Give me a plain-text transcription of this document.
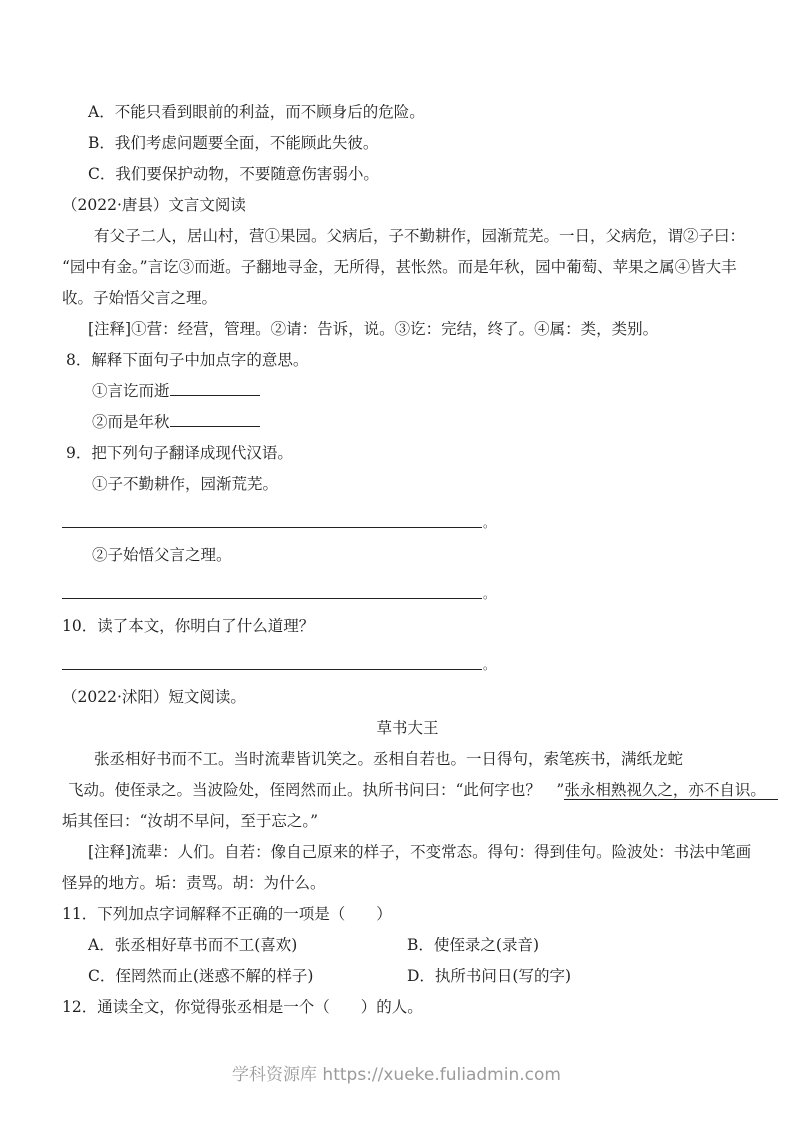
A．不能只看到眼前的利益，而不顾身后的危险。
B．我们考虑问题要全面，不能顾此失彼。
C．我们要保护动物，不要随意伤害弱小。
（2022·唐县）文言文阅读
有父子二人，居山村，营①果园。父病后，子不勤耕作，园渐荒芜。一日，父病危，谓②子曰：
“园中有金。”言讫③而逝。子翻地寻金，无所得，甚怅然。而是年秋，园中葡萄、苹果之属④皆大丰
收。子始悟父言之理。
[注释]①营：经营，管理。②请：告诉，说。③讫：完结，终了。④属：类，类别。
8．解释下面句子中加点字的意思。
①言讫而逝
②而是年秋
9．把下列句子翻译成现代汉语。
①子不勤耕作，园渐荒芜。
。
②子始悟父言之理。
。
10．读了本文，你明白了什么道理？
。
（2022·沭阳）短文阅读。
草书大王
张丞相好书而不工。当时流辈皆讥笑之。丞相自若也。一日得句，索笔疾书，满纸龙蛇
飞动。使侄录之。当波险处，侄罔然而止。执所书问曰：“此何字也？　”张永相熟视久之，亦不自识。
垢其侄曰：“汝胡不早问，至于忘之。”
[注释]流辈：人们。自若：像自己原来的样子，不变常态。得句：得到佳句。险波处：书法中笔画
怪异的地方。垢：责骂。胡：为什么。
11．下列加点字词解释不正确的一项是（　　）
A．张丞相好草书而不工(喜欢)	B．使侄录之(录音)
C．侄罔然而止(迷惑不解的样子)	D．执所书问日(写的字)
12．通读全文，你觉得张丞相是一个（　　）的人。
学科资源库 https://xueke.fuliadmin.com
